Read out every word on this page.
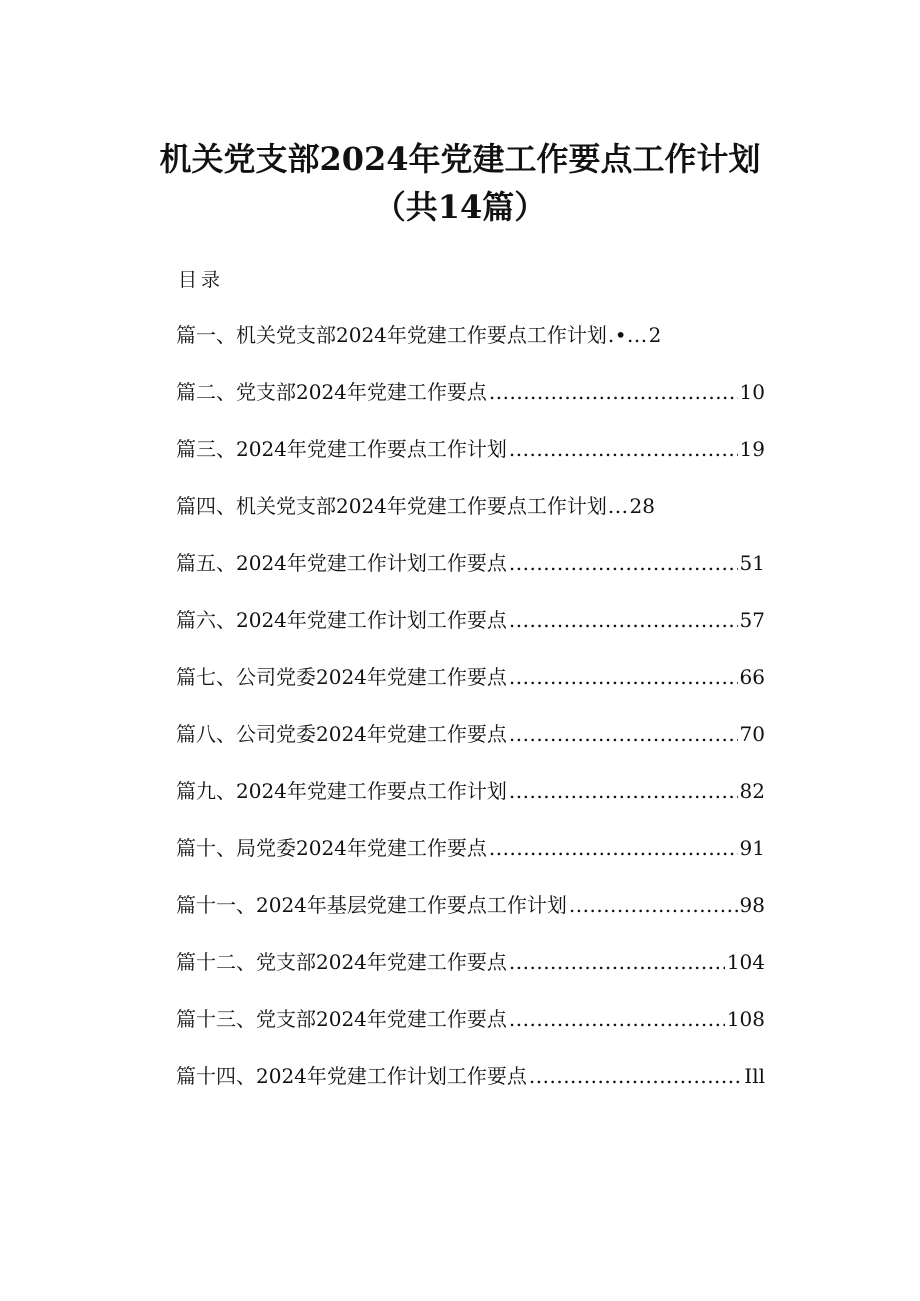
机关党支部2024年党建工作要点工作计划
（共14篇）
目录
篇一、机关党支部2024年党建工作要点工作计划 .•... 2
篇二、党支部2024年党建工作要点 .....	10
篇三、2024年党建工作要点工作计划 .....	19
篇四、机关党支部2024年党建工作要点工作计划 ... 28
篇五、2024年党建工作计划工作要点 .....	51
篇六、2024年党建工作计划工作要点 .....	57
篇七、公司党委2024年党建工作要点 .....	66
篇八、公司党委2024年党建工作要点 .....	70
篇九、2024年党建工作要点工作计划 .....	82
篇十、局党委2024年党建工作要点 .....	91
篇十一、2024年基层党建工作要点工作计划 .....	98
篇十二、党支部2024年党建工作要点 .....	104
篇十三、党支部2024年党建工作要点 .....	108
篇十四、2024年党建工作计划工作要点 .....	Ill
